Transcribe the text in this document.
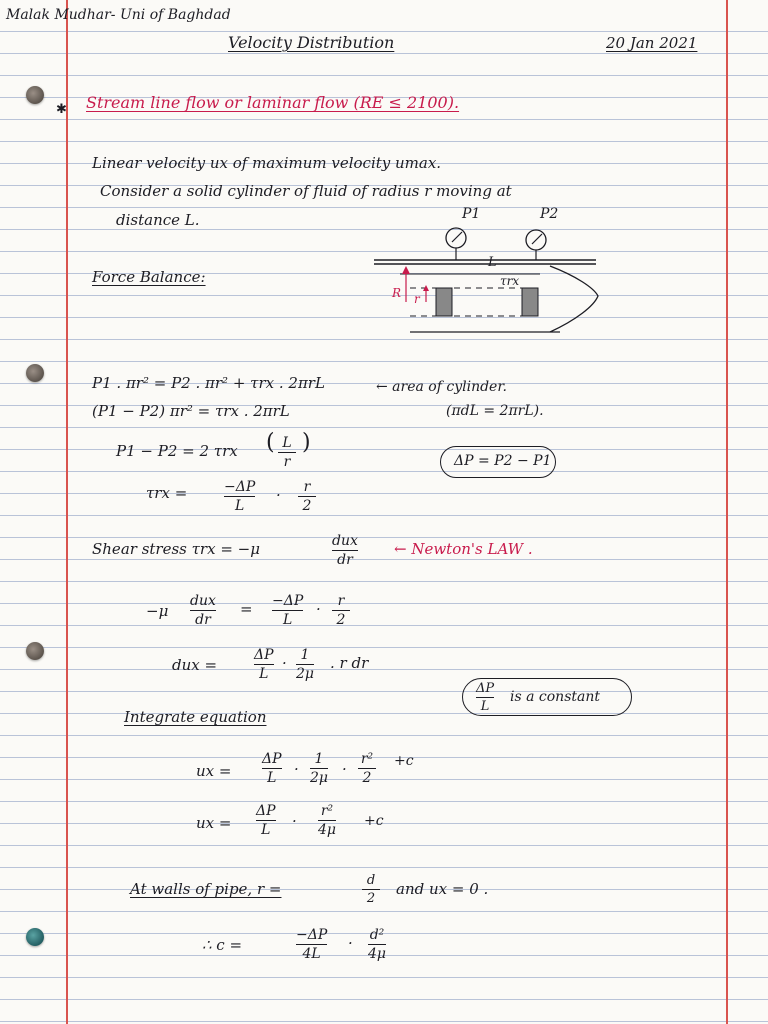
Malak Mudhar- Uni of Baghdad
Velocity Distribution	20 Jan 2021
✱ Stream line flow or laminar flow (RE ≤ 2100).
Linear velocity ux of maximum velocity umax.
Consider a solid cylinder of fluid of radius r moving at
distance L.	P1	P2
L
τrx
R r
Force Balance:
P1 . πr² = P2 . πr² + τrx . 2πrL	← area of cylinder.
(P1 − P2) πr² = τrx . 2πrL	(πdL = 2πrL).
P1 − P2 = 2 τrx ( L
r
)
ΔP = P2 − P1
τrx =	−ΔP
L
· r
2
Shear stress τrx = −μ	dux
dr
← Newton's LAW .
−μ
dux
dr
= −ΔP
L
· r
2
dux =
ΔP
L
· 1
2μ
. r dr
ΔP
L
is a constant
Integrate equation
ux =
ΔP
L
·
1
2μ
·
r²
2
+c
ux =
ΔP
L
·
r²
4μ
+c
At walls of pipe, r =	d
2
and ux = 0 .
∴ c =
−ΔP
4L
· d²
4μ
